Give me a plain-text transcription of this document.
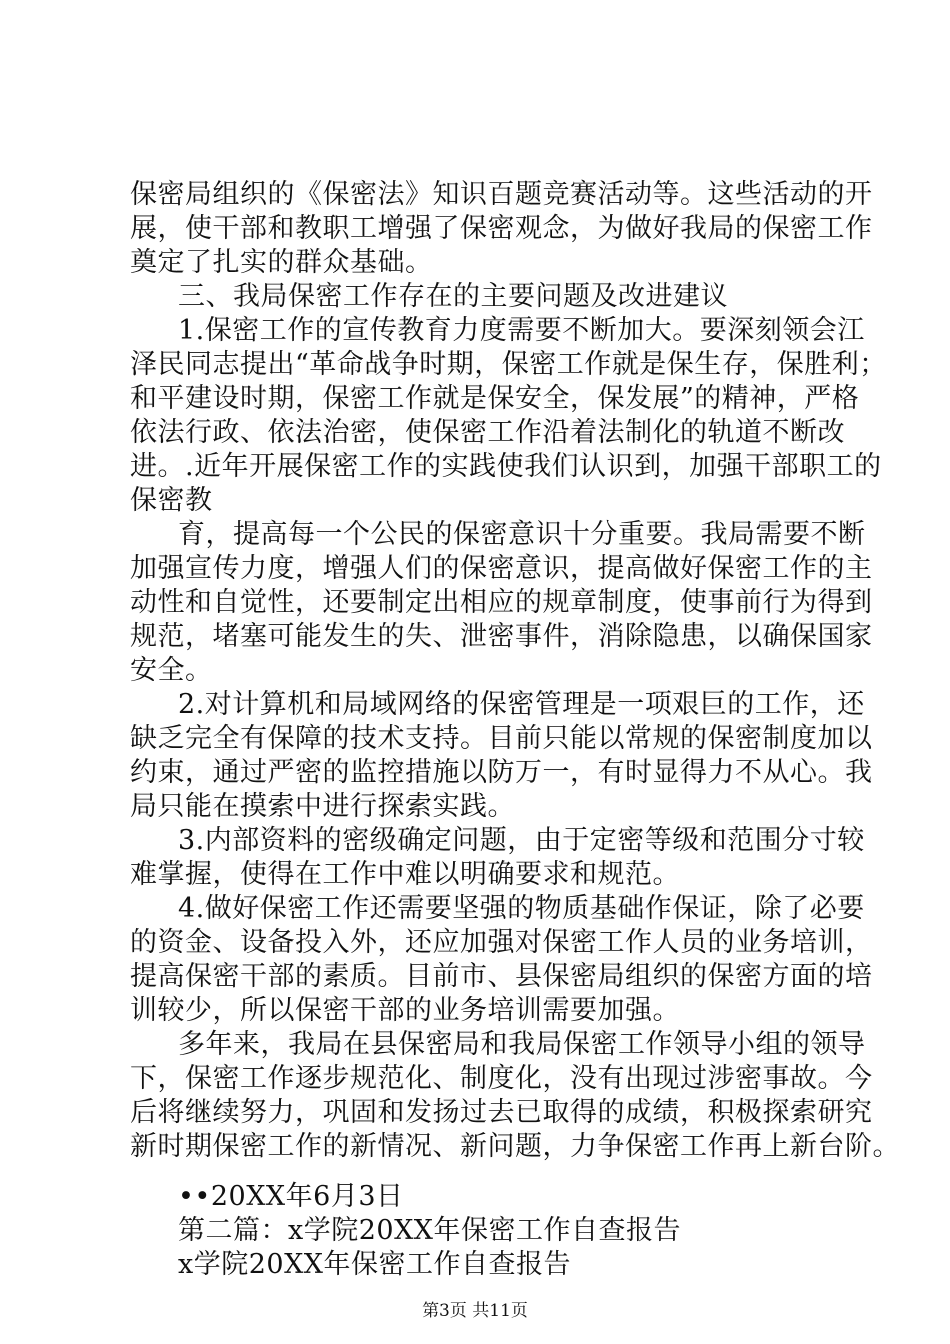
保密局组织的《保密法》知识百题竞赛活动等。这些活动的开
展，使干部和教职工增强了保密观念，为做好我局的保密工作
奠定了扎实的群众基础。
三、我局保密工作存在的主要问题及改进建议
1.保密工作的宣传教育力度需要不断加大。要深刻领会江
泽民同志提出“革命战争时期，保密工作就是保生存，保胜利；
和平建设时期，保密工作就是保安全，保发展”的精神，严格
依法行政、依法治密，使保密工作沿着法制化的轨道不断改
进。.近年开展保密工作的实践使我们认识到，加强干部职工的
保密教
育，提高每一个公民的保密意识十分重要。我局需要不断
加强宣传力度，增强人们的保密意识，提高做好保密工作的主
动性和自觉性，还要制定出相应的规章制度，使事前行为得到
规范，堵塞可能发生的失、泄密事件，消除隐患，以确保国家
安全。
2.对计算机和局域网络的保密管理是一项艰巨的工作，还
缺乏完全有保障的技术支持。目前只能以常规的保密制度加以
约束，通过严密的监控措施以防万一，有时显得力不从心。我
局只能在摸索中进行探索实践。
3.内部资料的密级确定问题，由于定密等级和范围分寸较
难掌握，使得在工作中难以明确要求和规范。
4.做好保密工作还需要坚强的物质基础作保证，除了必要
的资金、设备投入外，还应加强对保密工作人员的业务培训，
提高保密干部的素质。目前市、县保密局组织的保密方面的培
训较少，所以保密干部的业务培训需要加强。
多年来，我局在县保密局和我局保密工作领导小组的领导
下，保密工作逐步规范化、制度化，没有出现过涉密事故。今
后将继续努力，巩固和发扬过去已取得的成绩，积极探索研究
新时期保密工作的新情况、新问题，力争保密工作再上新台阶。
••20XX年6月3日
第二篇：x学院20XX年保密工作自查报告
x学院20XX年保密工作自查报告
第3页 共11页
